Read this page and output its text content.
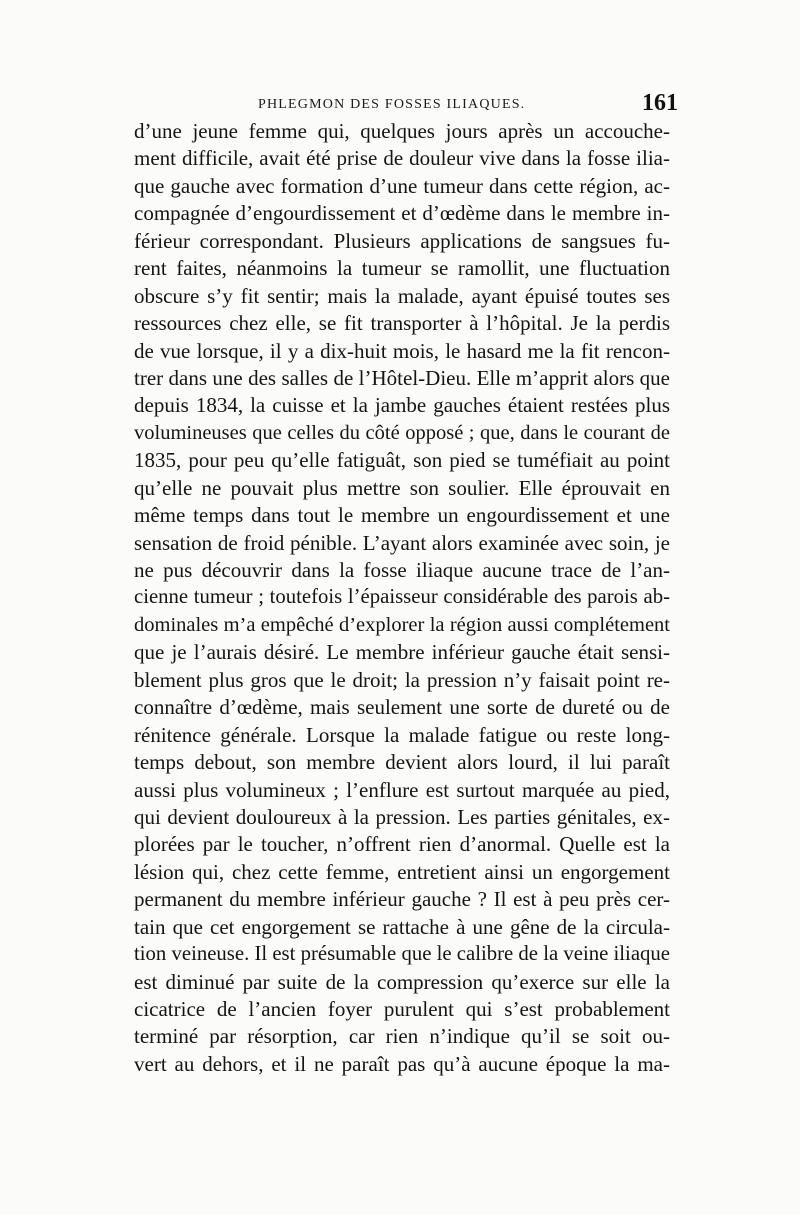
PHLEGMON DES FOSSES ILIAQUES.	161
d’une jeune femme qui, quelques jours après un accouche-
ment difficile, avait été prise de douleur vive dans la fosse ilia-
que gauche avec formation d’une tumeur dans cette région, ac-
compagnée d’engourdissement et d’œdème dans le membre in-
férieur correspondant. Plusieurs applications de sangsues fu-
rent faites, néanmoins la tumeur se ramollit, une fluctuation
obscure s’y fit sentir; mais la malade, ayant épuisé toutes ses
ressources chez elle, se fit transporter à l’hôpital. Je la perdis
de vue lorsque, il y a dix-huit mois, le hasard me la fit rencon-
trer dans une des salles de l’Hôtel-Dieu. Elle m’apprit alors que
depuis 1834, la cuisse et la jambe gauches étaient restées plus
volumineuses que celles du côté opposé ; que, dans le courant de
1835, pour peu qu’elle fatiguât, son pied se tuméfiait au point
qu’elle ne pouvait plus mettre son soulier. Elle éprouvait en
même temps dans tout le membre un engourdissement et une
sensation de froid pénible. L’ayant alors examinée avec soin, je
ne pus découvrir dans la fosse iliaque aucune trace de l’an-
cienne tumeur ; toutefois l’épaisseur considérable des parois ab-
dominales m’a empêché d’explorer la région aussi complétement
que je l’aurais désiré. Le membre inférieur gauche était sensi-
blement plus gros que le droit; la pression n’y faisait point re-
connaître d’œdème, mais seulement une sorte de dureté ou de
rénitence générale. Lorsque la malade fatigue ou reste long-
temps debout, son membre devient alors lourd, il lui paraît
aussi plus volumineux ; l’enflure est surtout marquée au pied,
qui devient douloureux à la pression. Les parties génitales, ex-
plorées par le toucher, n’offrent rien d’anormal. Quelle est la
lésion qui, chez cette femme, entretient ainsi un engorgement
permanent du membre inférieur gauche ? Il est à peu près cer-
tain que cet engorgement se rattache à une gêne de la circula-
tion veineuse. Il est présumable que le calibre de la veine iliaque
est diminué par suite de la compression qu’exerce sur elle la
cicatrice de l’ancien foyer purulent qui s’est probablement
terminé par résorption, car rien n’indique qu’il se soit ou-
vert au dehors, et il ne paraît pas qu’à aucune époque la ma-
